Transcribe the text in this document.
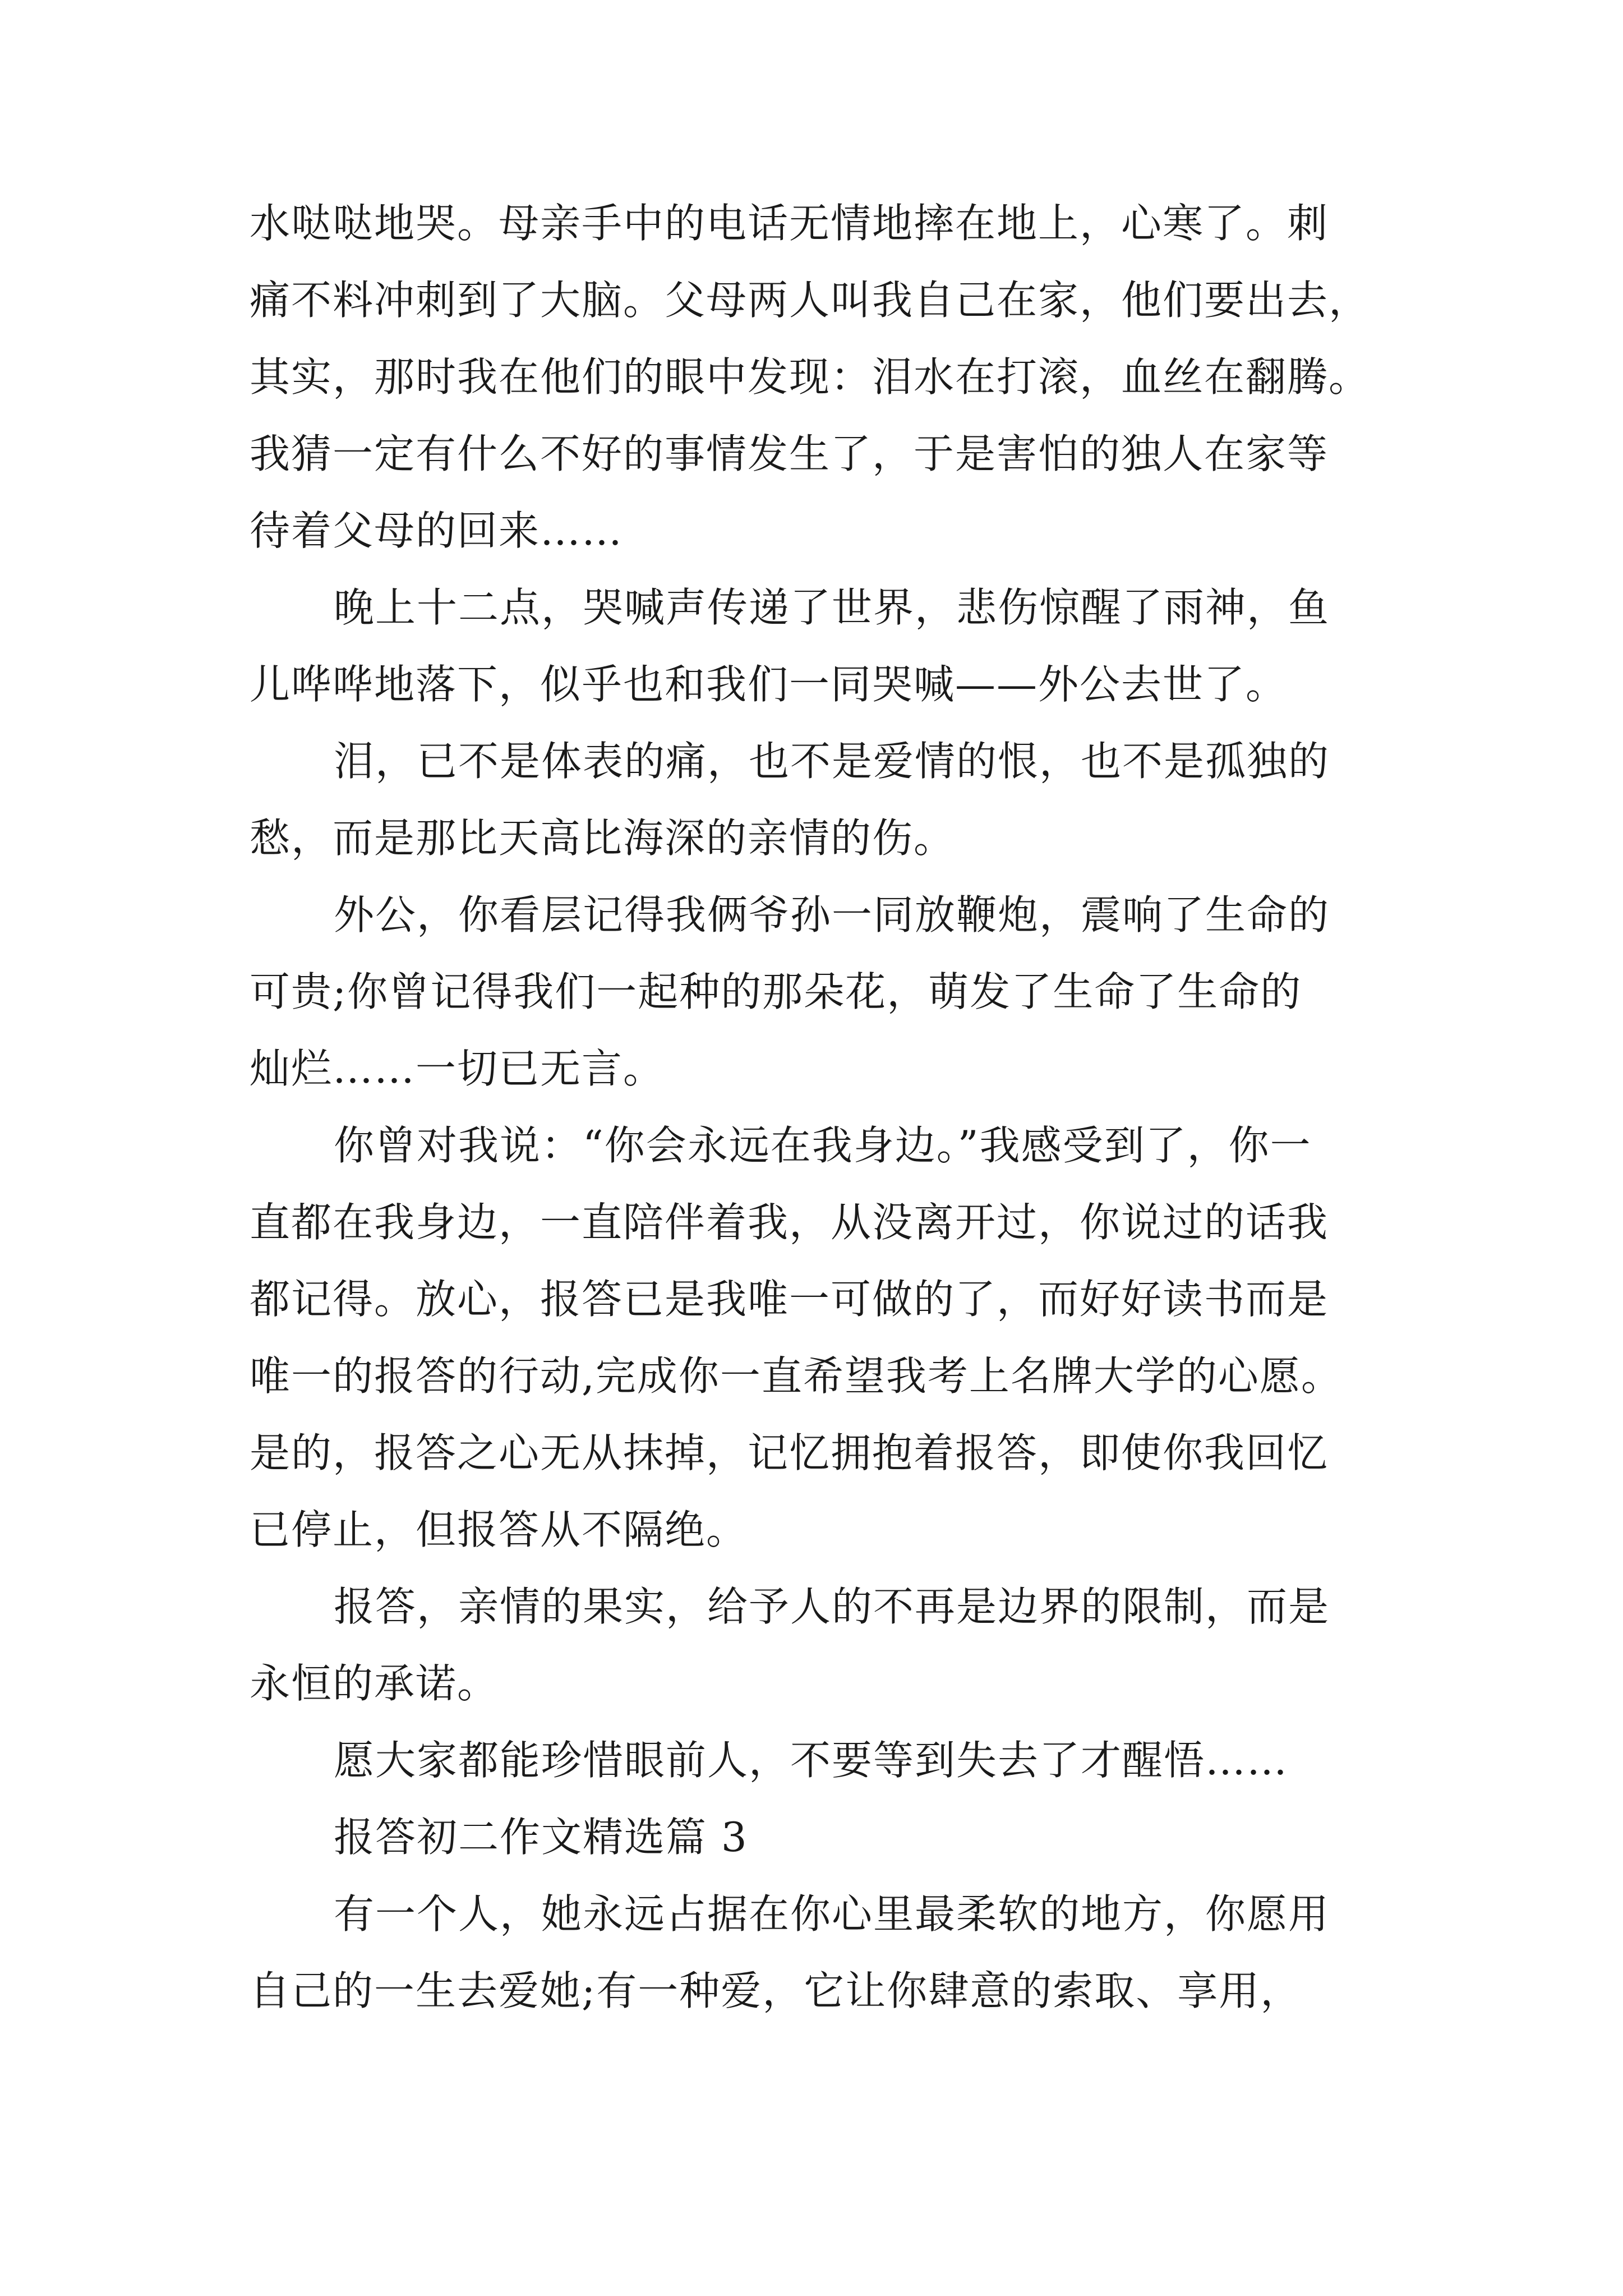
水哒哒地哭。母亲手中的电话无情地摔在地上，心寒了。刺
痛不料冲刺到了大脑。父母两人叫我自己在家，他们要出去，
其实，那时我在他们的眼中发现：泪水在打滚，血丝在翻腾。
我猜一定有什么不好的事情发生了，于是害怕的独人在家等
待着父母的回来……
晚上十二点，哭喊声传递了世界，悲伤惊醒了雨神，鱼
儿哗哗地落下，似乎也和我们一同哭喊——外公去世了。
泪，已不是体表的痛，也不是爱情的恨，也不是孤独的
愁，而是那比天高比海深的亲情的伤。
外公，你看层记得我俩爷孙一同放鞭炮，震响了生命的
可贵;你曾记得我们一起种的那朵花，萌发了生命了生命的
灿烂……一切已无言。
你曾对我说：“你会永远在我身边。”我感受到了，你一
直都在我身边，一直陪伴着我，从没离开过，你说过的话我
都记得。放心，报答已是我唯一可做的了，而好好读书而是
唯一的报答的行动,完成你一直希望我考上名牌大学的心愿。
是的，报答之心无从抹掉，记忆拥抱着报答，即使你我回忆
已停止，但报答从不隔绝。
报答，亲情的果实，给予人的不再是边界的限制，而是
永恒的承诺。
愿大家都能珍惜眼前人，不要等到失去了才醒悟……
报答初二作文精选篇 3
有一个人，她永远占据在你心里最柔软的地方，你愿用
自己的一生去爱她;有一种爱，它让你肆意的索取、享用，
